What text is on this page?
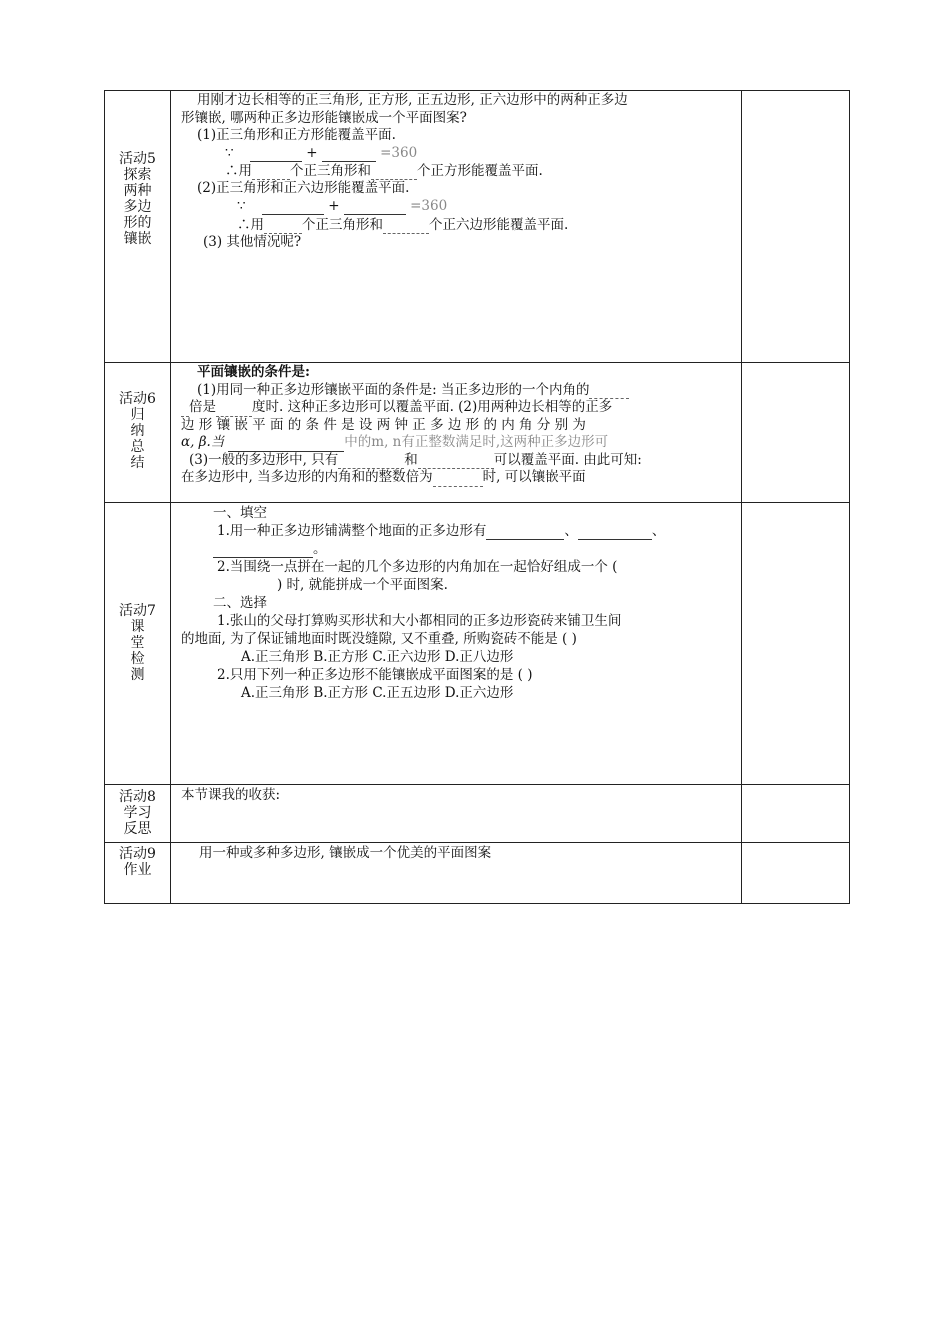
活动5
探索
两种
多边
形的
镶嵌
用刚才边长相等的正三角形, 正方形, 正五边形, 正六边形中的两种正多边
形镶嵌, 哪两种正多边形能镶嵌成一个平面图案?
(1)正三角形和正方形能覆盖平面.
∵	+	=360
∴用	个正三角形和	个正方形能覆盖平面.
(2)正三角形和正六边形能覆盖平面.
∵	+	=360
∴用	个正三角形和	个正六边形能覆盖平面.
(3) 其他情况呢?
活动6
归
纳
总
结
平面镶嵌的条件是:
(1)用同一种正多边形镶嵌平面的条件是: 当正多边形的一个内角的
倍是	度时. 这种正多边形可以覆盖平面. (2)用两种边长相等的正多
边 形 镶 嵌 平 面 的 条 件 是 设 两 钟 正 多 边 形 的 内 角 分 别 为
α, β.当	中的m, n有正整数满足时,这两种正多边形可
(3)一般的多边形中, 只有	和	可以覆盖平面. 由此可知:
在多边形中, 当多边形的内角和的整数倍为	时, 可以镶嵌平面
活动7
课
堂
检
测
一、填空
1.用一种正多边形铺满整个地面的正多边形有	、	、
。
2.当围绕一点拼在一起的几个多边形的内角加在一起恰好组成一个 (
) 时, 就能拼成一个平面图案.
二、选择
1.张山的父母打算购买形状和大小都相同的正多边形瓷砖来铺卫生间
的地面, 为了保证铺地面时既没缝隙, 又不重叠, 所购瓷砖不能是 ( )
A.正三角形 B.正方形 C.正六边形 D.正八边形
2.只用下列一种正多边形不能镶嵌成平面图案的是 ( )
A.正三角形 B.正方形 C.正五边形 D.正六边形
活动8
学习
反思
本节课我的收获:
活动9
作业
用一种或多种多边形, 镶嵌成一个优美的平面图案
